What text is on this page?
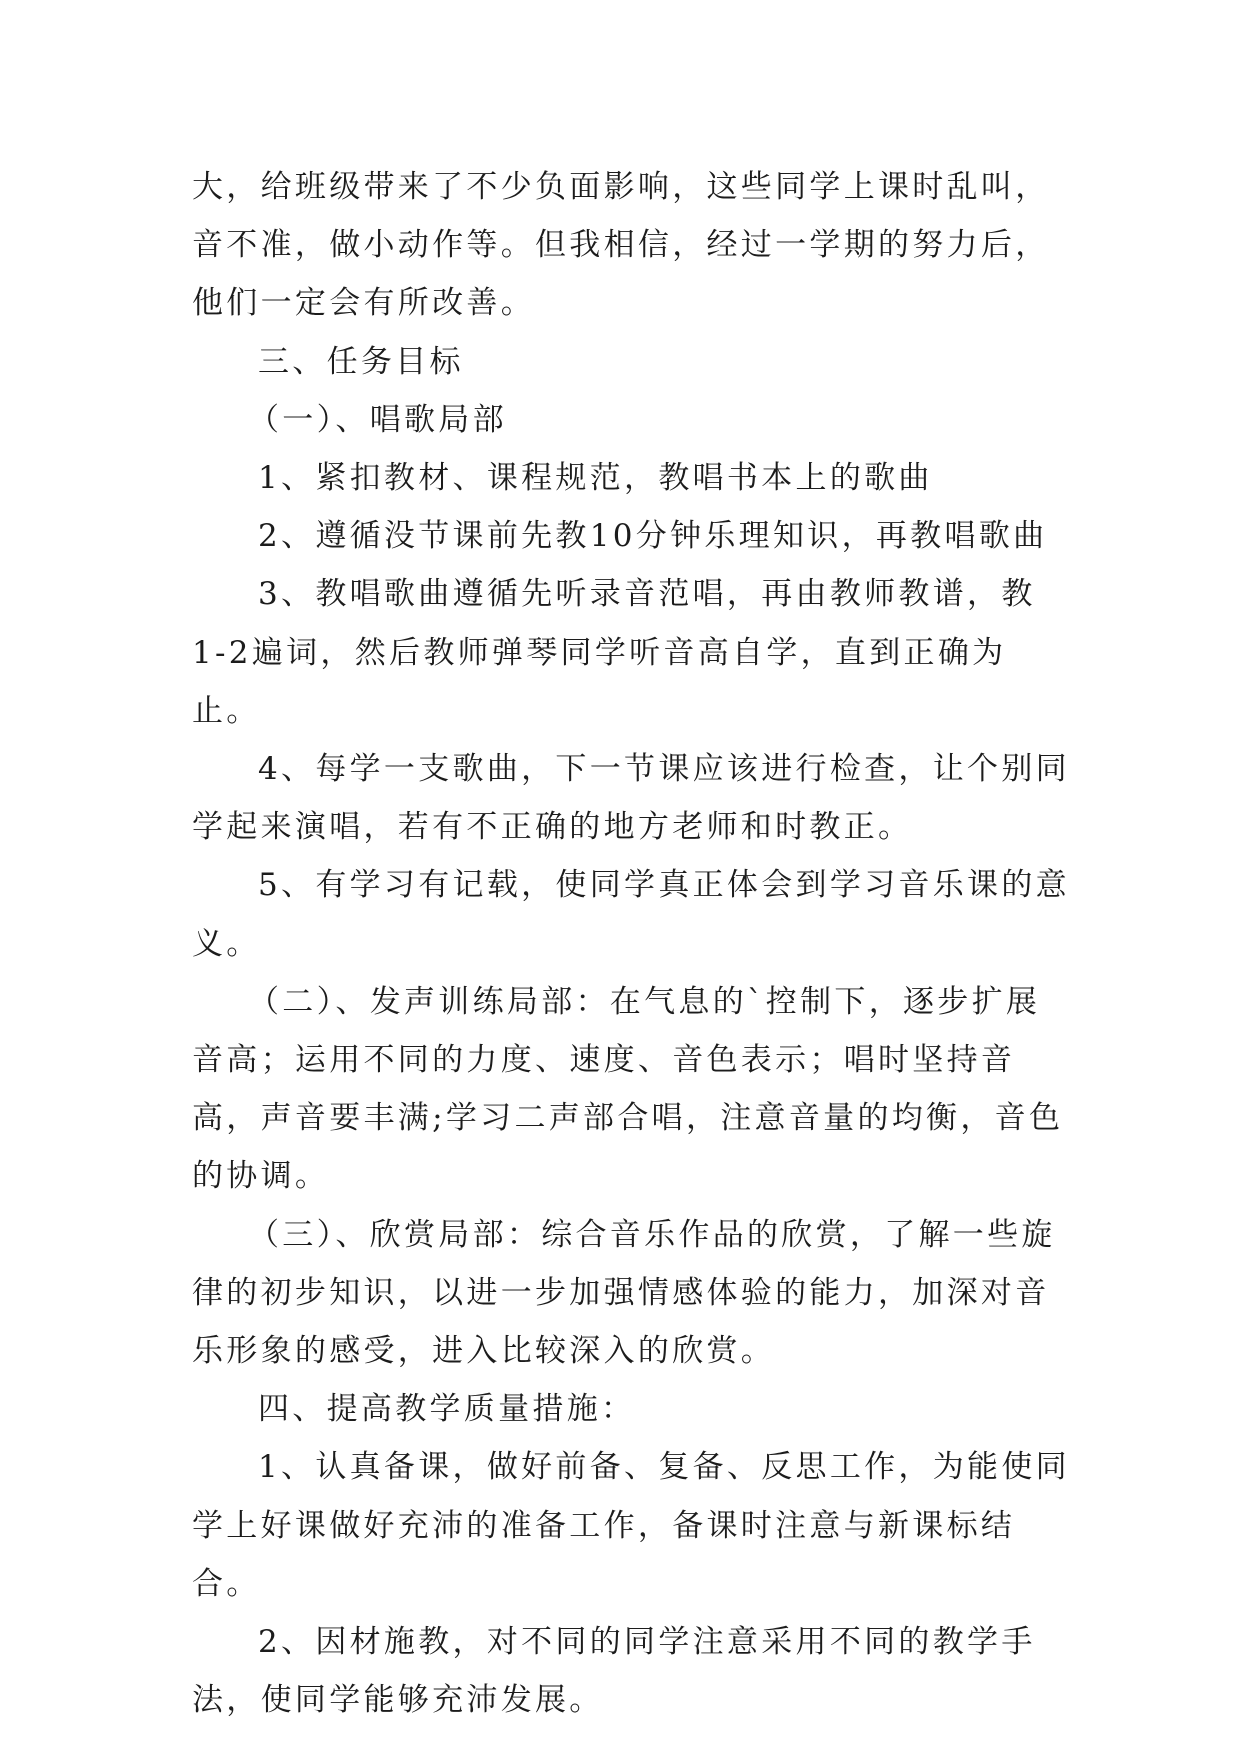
大，给班级带来了不少负面影响，这些同学上课时乱叫，音不准，做小动作等。但我相信，经过一学期的努力后，他们一定会有所改善。

三、任务目标

（一）、唱歌局部

1、紧扣教材、课程规范，教唱书本上的歌曲

2、遵循没节课前先教10分钟乐理知识，再教唱歌曲

3、教唱歌曲遵循先听录音范唱，再由教师教谱，教1-2遍词，然后教师弹琴同学听音高自学，直到正确为止。

4、每学一支歌曲，下一节课应该进行检查，让个别同学起来演唱，若有不正确的地方老师和时教正。

5、有学习有记载，使同学真正体会到学习音乐课的意义。

（二）、发声训练局部：在气息的`控制下，逐步扩展音高；运用不同的力度、速度、音色表示；唱时坚持音高，声音要丰满;学习二声部合唱，注意音量的均衡，音色的协调。

（三）、欣赏局部：综合音乐作品的欣赏，了解一些旋律的初步知识，以进一步加强情感体验的能力，加深对音乐形象的感受，进入比较深入的欣赏。

四、提高教学质量措施：

1、认真备课，做好前备、复备、反思工作，为能使同学上好课做好充沛的准备工作，备课时注意与新课标结合。

2、因材施教，对不同的同学注意采用不同的教学手法，使同学能够充沛发展。
